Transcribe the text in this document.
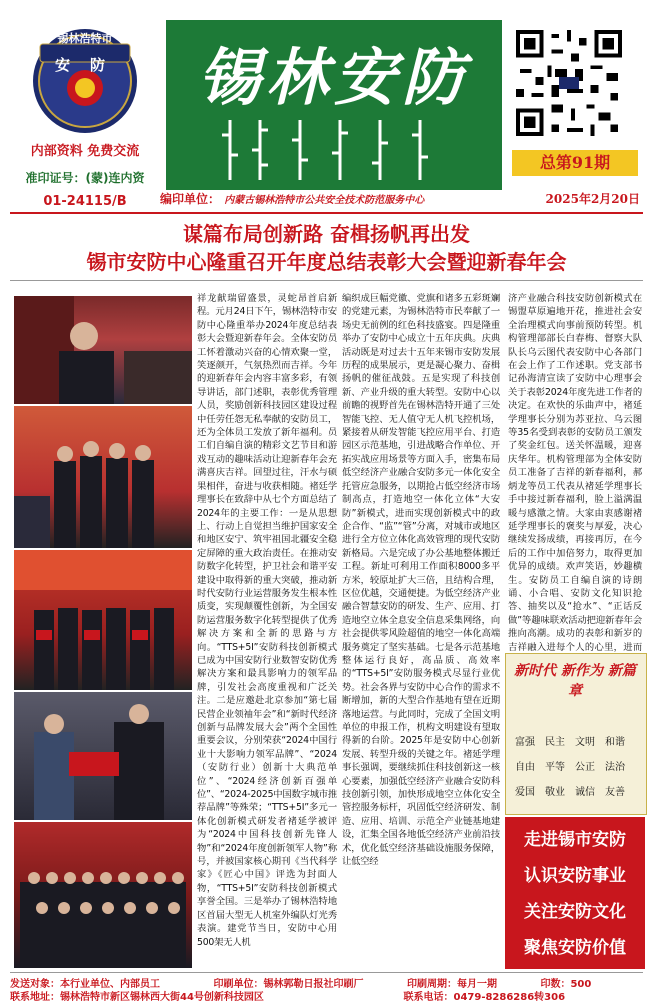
锡林浩特市
安防
内部资料 免费交流
准印证号：(蒙)连内资
01-24115/B
锡林安防
总第91期
编印单位： 内蒙古锡林浩特市公共安全技术防范服务中心	2025年2月20日
谋篇布局创新路 奋楫扬帆再出发
锡市安防中心隆重召开年度总结表彰大会暨迎新春年会
祥龙献瑞留盛景，灵蛇昂首启新程。元月24日下午，锡林浩特市安防中心隆重举办2024年度总结表彰大会暨迎新春年会。全体安防员工怀着激动兴奋的心情欢聚一堂，笑逐颜开，气氛热烈而吉祥。今年的迎新春年会内容丰富多彩，有领导讲话，部门述职，表彰优秀管理人员，奖励创新科技园区建设过程中任劳任怨无私奉献的安防员工，还为全体员工发放了新年福利。员工们自编自演的精彩文艺节目和游戏互动的趣味活动让迎新春年会充满喜庆吉祥。回望过往，汗水与硕果相伴，奋进与收获相随。褚廷学理事长在致辞中从七个方面总结了2024年的主要工作：一是从思想上、行动上自觉担当维护国家安全和地区安宁、筑牢祖国北疆安全稳定屏障的重大政治责任。在推动安防数字化转型，护卫社会和谐平安建设中取得新的重大突破，推动新时代安防行业运营服务发生根本性质变，实现颠覆性创新，为全国安防运营服务数字化转型提供了优秀解决方案和全新的思路与方向。“TTS+5I”安防科技创新模式已成为中国安防行业数智安防优秀解决方案和最具影响力的领军品牌，引发社会高度重视和广泛关注。二是应邀赴北京参加“第七届民营企业领袖年会”和“新时代经济创新与品牌发展大会”两个全国性重要会议，分别荣获“2024中国行业十大影响力领军品牌”、“2024（安防行业）创新十大典范单位”、“2024经济创新百强单位”、“2024-2025中国数字城市推荐品牌”等殊荣；“TTS+5I”多元一体化创新模式研发者褚延学被评为“2024中国科技创新先锋人物”和“2024年度创新领军人物”称号，并被国家核心期刊《当代科学家》《匠心中国》评选为封面人物，“TTS+5I”安防科技创新模式享誉全国。三是举办了锡林浩特地区首届大型无人机室外编队灯光秀表演。建党节当日，安防中心用500架无人机
编织成巨幅党徽、党旗和诸多五彩斑斓的党建元素，为锡林浩特市民奉献了一场史无前例的红色科技盛宴。四是隆重举办了安防中心成立十五年庆典。庆典活动既是对过去十五年来锡市安防发展历程的成果展示，更是凝心聚力、奋楫扬帆的催征战鼓。五是实现了科技创新、产业升级的重大转型。安防中心以前瞻的视野首先在锡林浩特开通了三处智能飞控、无人值守无人机飞控机场，紧接着从研发智能飞控应用平台、打造园区示范基地，引进战略合作单位、开拓实战应用场景等方面入手，密集布局低空经济产业融合安防多元一体化安全托管应急服务，以期抢占低空经济市场制高点，打造地空一体化立体“大安防”新模式，进而实现创新模式中的政企合作、“监”“管”分离，对城市或地区进行全方位立体化高效管理的现代安防新格局。六是完成了办公基地整体搬迁工程。新址可利用工作面积8000多平方米，较原址扩大三倍，且结构合理，区位优越，交通便捷。为低空经济产业融合智慧安防的研发、生产、应用、打造地空立体全息安全信息采集网络，向社会提供零风险超值的地空一体化高端服务奠定了坚实基础。七是各示范基地整体运行良好，高品质、高效率的“TTS+5I”安防服务模式尽显行业优势。社会各界与安防中心合作的需求不断增加，新的大型合作基地有望在近期落地运营。与此同时，完成了全国文明单位的申报工作，机构文明建设有望取得新的台阶。2025年是安防中心创新发展、转型升级的关键之年。褚延学理事长强调，要继续抓住科技创新这一核心要素，加强低空经济产业融合安防科技创新引领，加快形成地空立体化安全管控服务标杆，巩固低空经济研发、制造、应用、培训、示范全产业链基地建设，汇集全国各地低空经济产业前沿技术，优化低空经济基础设施服务保障，让低空经
济产业融合科技安防创新模式在锡盟草原遍地开花，推进社会安全治理模式向事前预防转型。机构管理部部长白春梅、督察大队队长乌云图代表安防中心各部门在会上作了工作述职。党支部书记孙海清宣读了安防中心理事会关于表彰2024年度先进工作者的决定。在欢快的乐曲声中，褚延学理事长分别为苏亚拉、乌云图等35名受到表彰的安防员工颁发了奖金红包。送关怀温暖，迎喜庆华年。机构管理部为全体安防员工准备了吉祥的新春福利，郝炳龙等员工代表从褚延学理事长手中接过新春福利，脸上溢满温暖与感激之情。大家由衷感谢褚延学理事长的褒奖与厚爱，决心继续发扬成绩，再接再厉，在今后的工作中加倍努力，取得更加优异的成绩。欢声笑语，妙趣横生。安防员工自编自演的诗朗诵、小合唱、安防文化知识抢答、抽奖以及“抢水”、“正话反做”等趣味联欢活动把迎新春年会推向高潮。成功的表彰和新岁的吉祥融入进每个人的心里，进而
新时代 新作为 新篇章
富强 民主 文明 和谐
自由 平等 公正 法治
爱国 敬业 诚信 友善
走进锡市安防
认识安防事业
关注安防文化
聚焦安防价值
发送对象：本行业单位、内部员工	印刷单位：锡林郭勒日报社印刷厂	印刷周期：每月一期	印数：500
联系地址：锡林浩特市新区锡林西大街44号创新科技园区	联系电话：0479-8286286转306
